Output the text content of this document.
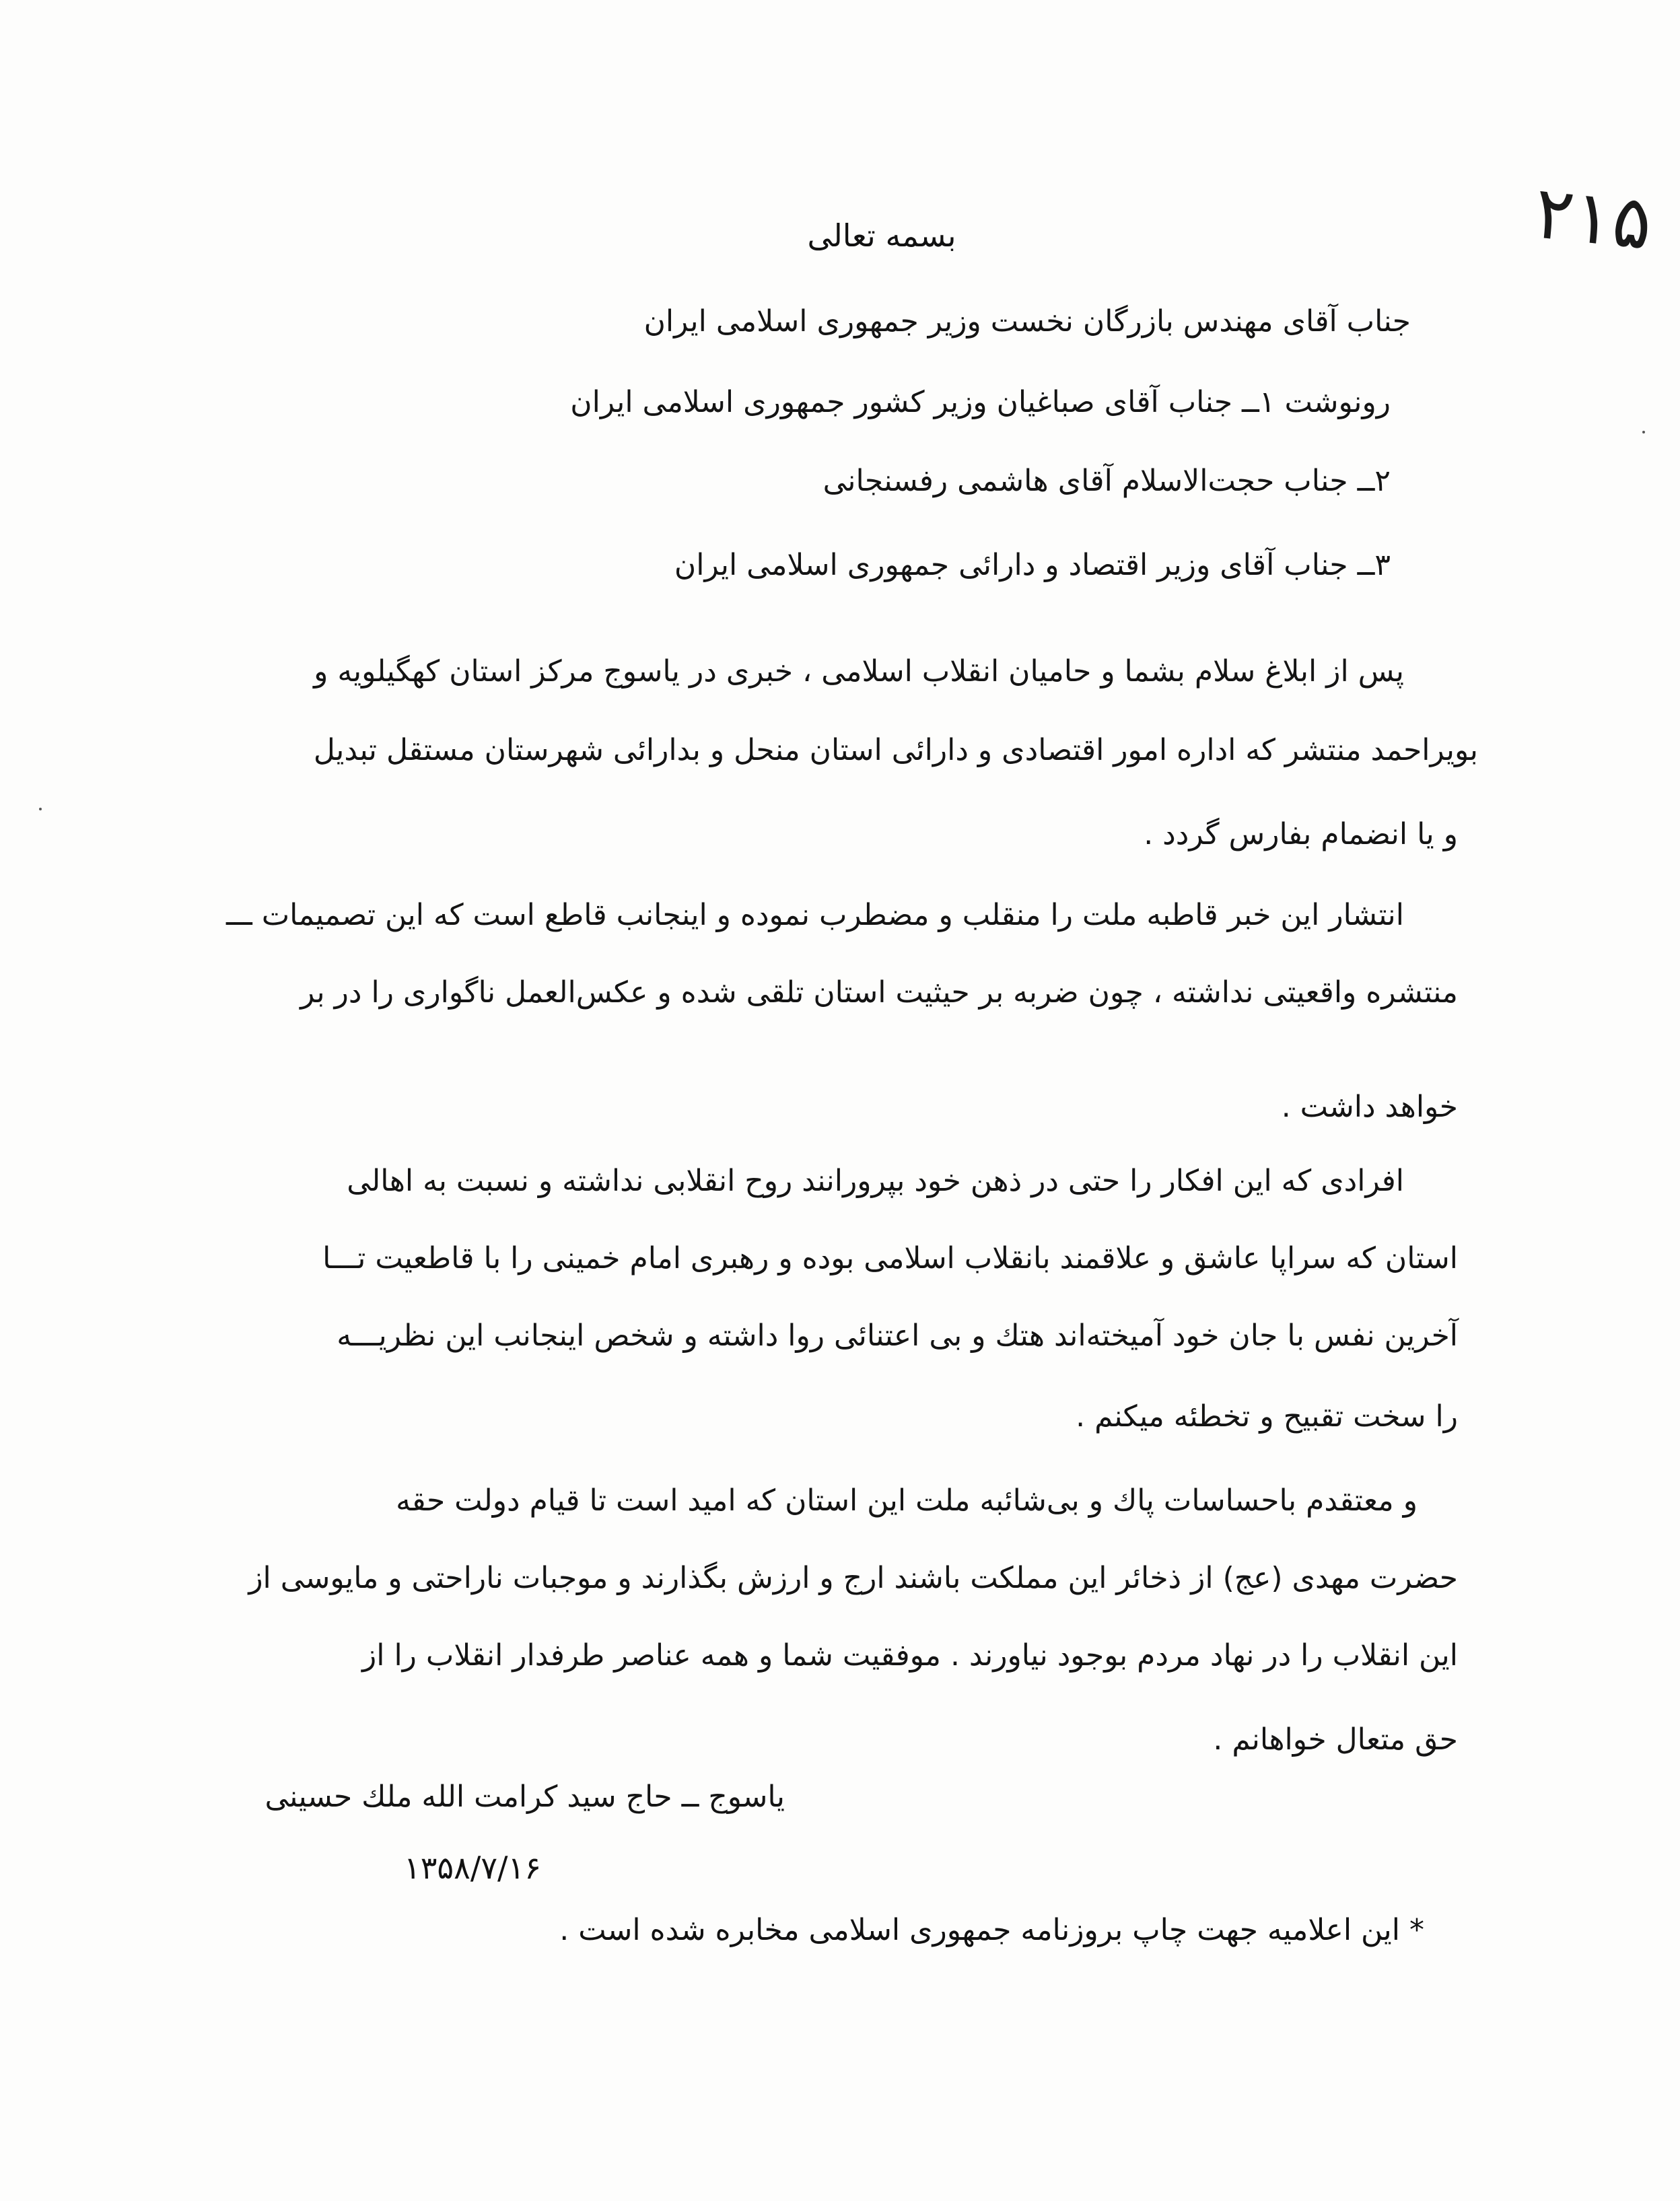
۲۱۵
بسمه تعالی
جناب آقای مهندس بازرگان نخست وزیر جمهوری اسلامی ایران
رونوشت ۱ــ جناب آقای صباغیان وزیر کشور جمهوری اسلامی ایران
۲ــ جناب حجت‌الاسلام آقای هاشمی رفسنجانی
۳ــ جناب آقای وزیر اقتصاد و دارائی جمهوری اسلامی ایران
پس از ابلاغ سلام بشما و حامیان انقلاب اسلامی ، خبری در یاسوج مرکز استان کهگیلویه و
بویراحمد منتشر که اداره امور اقتصادی و دارائی استان منحل و بدارائی شهرستان مستقل تبدیل
و یا انضمام بفارس گردد .
انتشار این خبر قاطبه ملت را منقلب و مضطرب نموده و اینجانب قاطع است که این تصمیمات ـــ
منتشره واقعیتی نداشته ، چون ضربه بر حیثیت استان تلقی شده و عکس‌العمل ناگواری را در بر
خواهد داشت .
افرادی که این افکار را حتی در ذهن خود بپرورانند روح انقلابی نداشته و نسبت به اهالی
استان که سراپا عاشق و علاقمند بانقلاب اسلامی بوده و رهبری امام خمینی را با قاطعیت تـــا
آخرین نفس با جان خود آمیخته‌اند هتك و بی اعتنائی روا داشته و شخص اینجانب این نظریـــه
را سخت تقبیح و تخطئه میکنم .
و معتقدم باحساسات پاك و بی‌شائبه ملت این استان که امید است تا قیام دولت حقه
حضرت مهدی (عج) از ذخائر این مملکت باشند ارج و ارزش بگذارند و موجبات ناراحتی و مایوسی از
این انقلاب را در نهاد مردم بوجود نیاورند . موفقیت شما و همه عناصر طرفدار انقلاب را از
حق متعال خواهانم .
یاسوج ــ حاج سید کرامت الله ملك حسینی
۱۳۵۸/۷/۱۶
* این اعلامیه جهت چاپ بروزنامه جمهوری اسلامی مخابره شده است .
